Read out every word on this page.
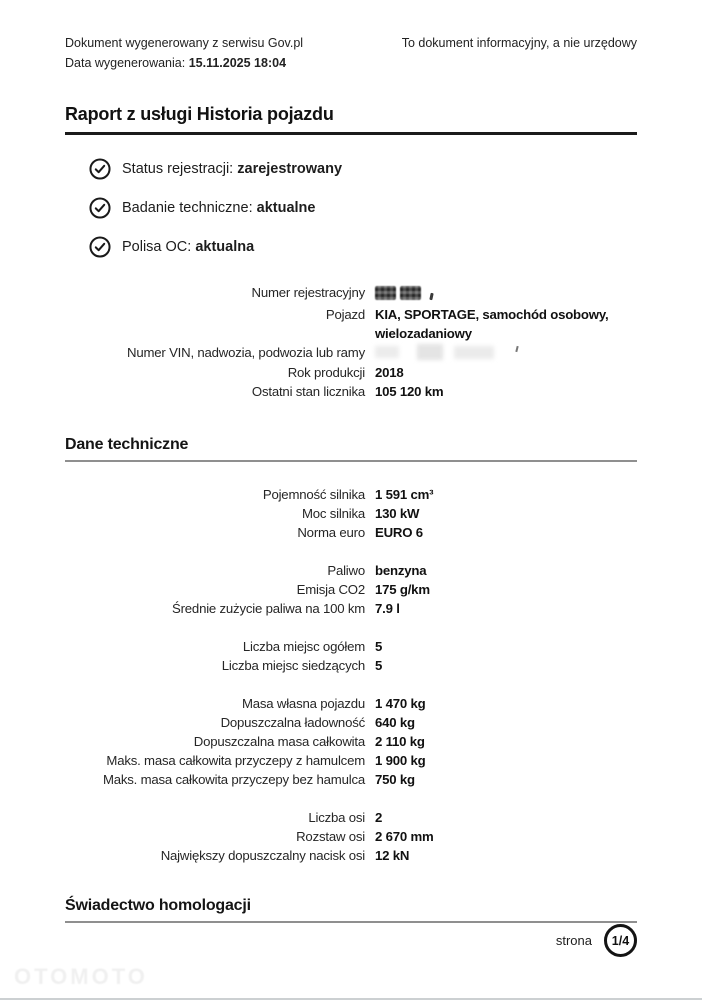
Dokument wygenerowany z serwisu Gov.pl
Data wygenerowania: 15.11.2025 18:04
To dokument informacyjny, a nie urzędowy
Raport z usługi Historia pojazdu
Status rejestracji: zarejestrowany
Badanie techniczne: aktualne
Polisa OC: aktualna
Numer rejestracyjny
Pojazd KIA, SPORTAGE, samochód osobowy, wielozadaniowy
Numer VIN, nadwozia, podwozia lub ramy
Rok produkcji 2018
Ostatni stan licznika 105 120 km
Dane techniczne
Pojemność silnika 1 591 cm³
Moc silnika 130 kW
Norma euro EURO 6
Paliwo benzyna
Emisja CO2 175 g/km
Średnie zużycie paliwa na 100 km 7.9 l
Liczba miejsc ogółem 5
Liczba miejsc siedzących 5
Masa własna pojazdu 1 470 kg
Dopuszczalna ładowność 640 kg
Dopuszczalna masa całkowita 2 110 kg
Maks. masa całkowita przyczepy z hamulcem 1 900 kg
Maks. masa całkowita przyczepy bez hamulca 750 kg
Liczba osi 2
Rozstaw osi 2 670 mm
Największy dopuszczalny nacisk osi 12 kN
Świadectwo homologacji
strona	1/4
OTOMOTO
